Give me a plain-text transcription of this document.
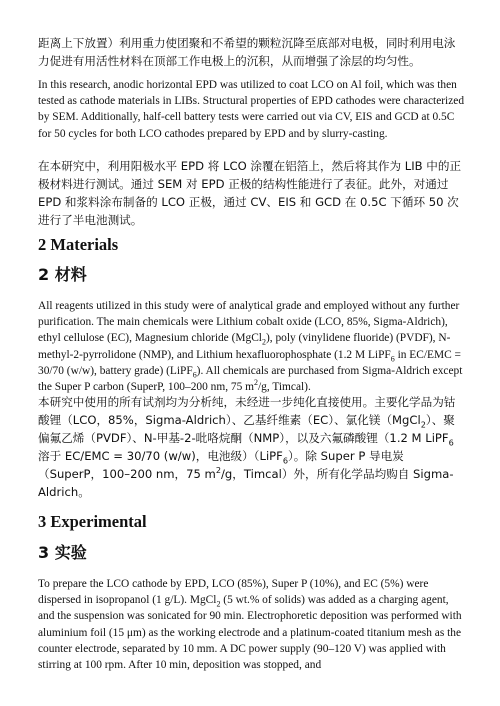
距离上下放置）利用重力使团聚和不希望的颗粒沉降至底部对电极，同时利用电泳力促进有用活性材料在顶部工作电极上的沉积，从而增强了涂层的均匀性。

In this research, anodic horizontal EPD was utilized to coat LCO on Al foil, which was then tested as cathode materials in LIBs. Structural properties of EPD cathodes were characterized by SEM. Additionally, half-cell battery tests were carried out via CV, EIS and GCD at 0.5C for 50 cycles for both LCO cathodes prepared by EPD and by slurry-casting.

在本研究中，利用阳极水平 EPD 将 LCO 涂覆在铝箔上，然后将其作为 LIB 中的正极材料进行测试。通过 SEM 对 EPD 正极的结构性能进行了表征。此外，对通过 EPD 和浆料涂布制备的 LCO 正极，通过 CV、EIS 和 GCD 在 0.5C 下循环 50 次进行了半电池测试。

2 Materials
2 材料

All reagents utilized in this study were of analytical grade and employed without any further purification. The main chemicals were Lithium cobalt oxide (LCO, 85%, Sigma-Aldrich), ethyl cellulose (EC), Magnesium chloride (MgCl$_2$), poly (vinylidene fluoride) (PVDF), N-methyl-2-pyrrolidone (NMP), and Lithium hexafluorophosphate (1.2 M LiPF$_6$ in EC/EMC = 30/70 (w/w), battery grade) (LiPF$_6$). All chemicals are purchased from Sigma-Aldrich except the Super P carbon (SuperP, 100–200 nm, 75 $m^2/g$, Timcal).

本研究中使用的所有试剂均为分析纯，未经进一步纯化直接使用。主要化学品为钴酸锂（LCO，85%，Sigma-Aldrich）、乙基纤维素（EC）、氯化镁（MgCl$_2$）、聚偏氟乙烯（PVDF）、N-甲基-2-吡咯烷酮（NMP），以及六氟磷酸锂（1.2 M LiPF$_6$ 溶于 EC/EMC = 30/70 (w/w)，电池级）（LiPF$_6$）。除 Super P 导电炭（SuperP，100–200 nm，75 $m^2/g$，Timcal）外，所有化学品均购自 Sigma-Aldrich。

3 Experimental
3 实验

To prepare the LCO cathode by EPD, LCO (85%), Super P (10%), and EC (5%) were dispersed in isopropanol (1 g/L). MgCl$_2$ (5 wt.% of solids) was added as a charging agent, and the suspension was sonicated for 90 min. Electrophoretic deposition was performed with aluminium foil (15 μm) as the working electrode and a platinum-coated titanium mesh as the counter electrode, separated by 10 mm. A DC power supply (90–120 V) was applied with stirring at 100 rpm. After 10 min, deposition was stopped, and
